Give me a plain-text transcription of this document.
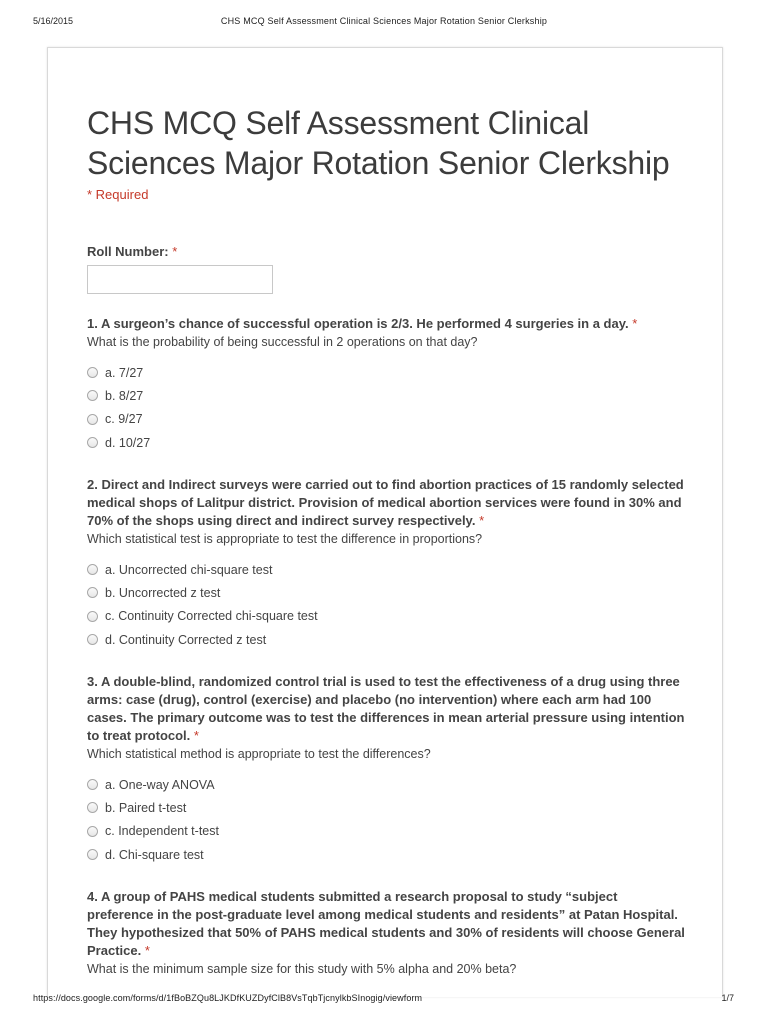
5/16/2015	CHS MCQ Self Assessment Clinical Sciences Major Rotation Senior Clerkship
CHS MCQ Self Assessment Clinical Sciences Major Rotation Senior Clerkship
* Required
Roll Number: *
1. A surgeon’s chance of successful operation is 2/3. He performed 4 surgeries in a day. *
What is the probability of being successful in 2 operations on that day?
a. 7/27
b. 8/27
c. 9/27
d. 10/27
2. Direct and Indirect surveys were carried out to find abortion practices of 15 randomly selected medical shops of Lalitpur district. Provision of medical abortion services were found in 30% and 70% of the shops using direct and indirect survey respectively. *
Which statistical test is appropriate to test the difference in proportions?
a. Uncorrected chi-square test
b. Uncorrected z test
c. Continuity Corrected chi-square test
d. Continuity Corrected z test
3. A double-blind, randomized control trial is used to test the effectiveness of a drug using three arms: case (drug), control (exercise) and placebo (no intervention) where each arm had 100 cases. The primary outcome was to test the differences in mean arterial pressure using intention to treat protocol. *
Which statistical method is appropriate to test the differences?
a. One-way ANOVA
b. Paired t-test
c. Independent t-test
d. Chi-square test
4. A group of PAHS medical students submitted a research proposal to study “subject preference in the post-graduate level among medical students and residents” at Patan Hospital. They hypothesized that 50% of PAHS medical students and 30% of residents will choose General Practice. *
What is the minimum sample size for this study with 5% alpha and 20% beta?
https://docs.google.com/forms/d/1fBoBZQu8LJKDfKUZDyfClB8VsTqbTjcnylkbSInogig/viewform	1/7
